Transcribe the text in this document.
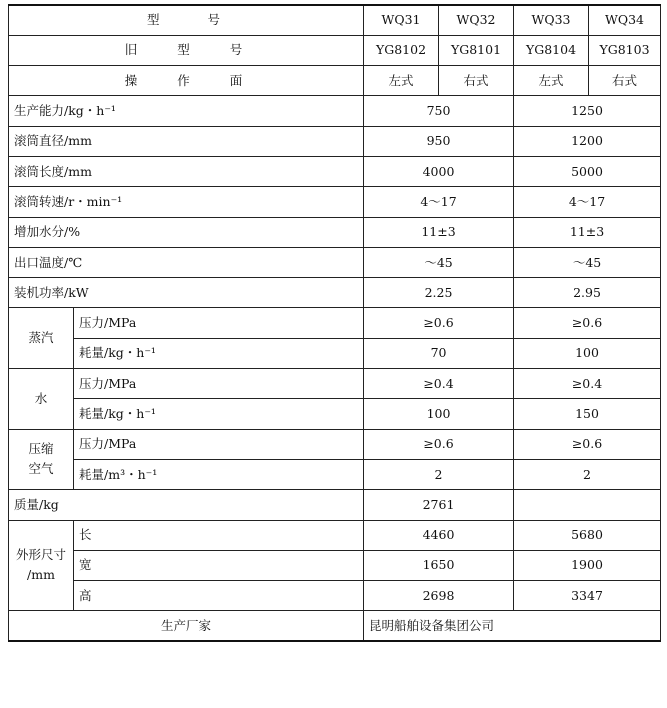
型 号		WQ31	WQ32	WQ33	WQ34
旧 型 号		YG8102	YG8101	YG8104	YG8103
操 作 面		左式	右式	左式	右式
生产能力/kg・h⁻¹		750		1250	
滚筒直径/mm		950		1200	
滚筒长度/mm		4000		5000	
滚筒转速/r・min⁻¹		4～17		4～17	
增加水分/%		11±3		11±3	
出口温度/℃		～45		～45	
装机功率/kW		2.25		2.95	
蒸汽	压力/MPa	≥0.6		≥0.6	
	耗量/kg・h⁻¹	70		100	
水	压力/MPa	≥0.4		≥0.4	
	耗量/kg・h⁻¹	100		150	

压缩
空气	压力/MPa	≥0.6		≥0.6	
	耗量/m³・h⁻¹	2		2	
质量/kg		2761			

外形尺寸
/mm	长	4460		5680	
	宽	1650		1900	
	高	2698		3347	
生产厂家		昆明船舶设备集团公司			
